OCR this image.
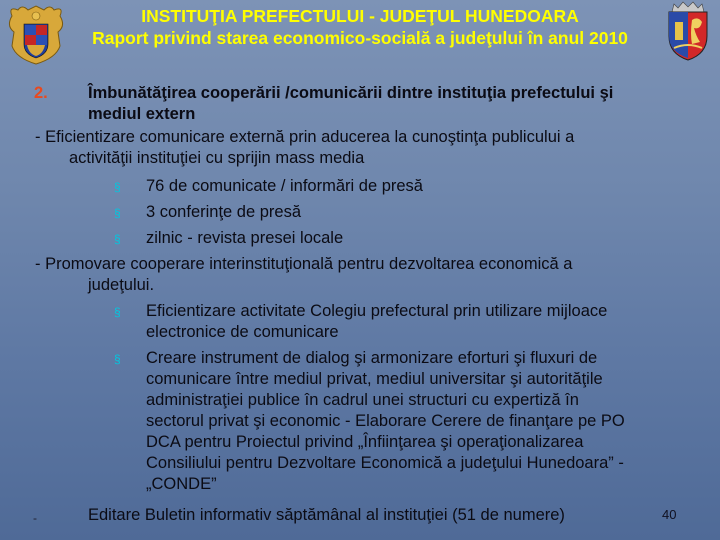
INSTITUŢIA PREFECTULUI - JUDEŢUL HUNEDOARA
Raport privind starea economico-socială a judeţului în anul 2010
2. Îmbunătăţirea cooperării /comunicării dintre instituţia prefectului şi
mediul extern
- Eficientizare comunicare externă prin aducerea la cunoştinţa publicului a
activităţii instituţiei cu sprijin mass media
§ 76 de comunicate / informări de presă
§ 3 conferinţe de presă
§ zilnic - revista presei locale
- Promovare cooperare interinstituţională pentru dezvoltarea economică a
judeţului.
§ Eficientizare activitate Colegiu prefectural prin utilizare mijloace
electronice de comunicare
§ Creare instrument de dialog şi armonizare eforturi şi fluxuri de
comunicare între mediul privat, mediul universitar şi autorităţile
administraţiei publice în cadrul unei structuri cu expertiză în
sectorul privat şi economic - Elaborare Cerere de finanţare pe PO
DCA pentru Proiectul privind „Înfiinţarea şi operaţionalizarea
Consiliului pentru Dezvoltare Economică a judeţului Hunedoara” -
„CONDE”
-	Editare Buletin informativ săptămânal al instituţiei (51 de numere)	40
